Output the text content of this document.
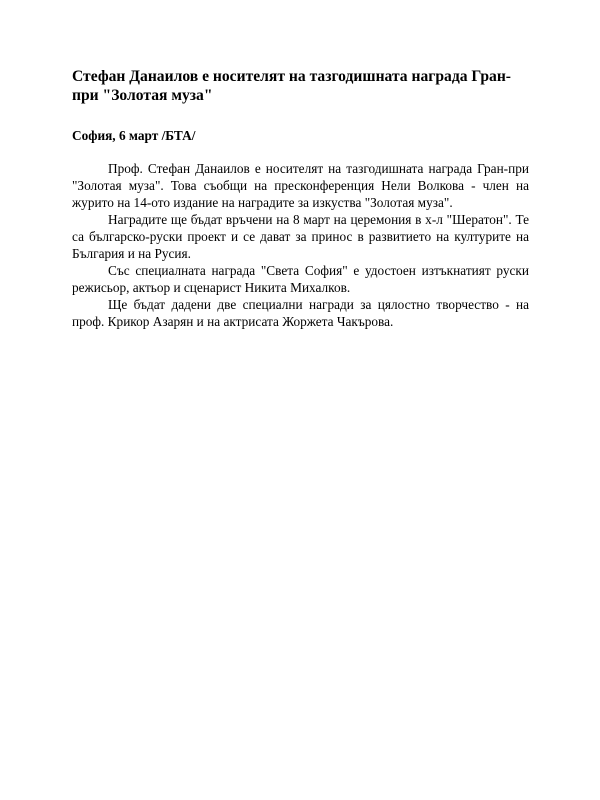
Стефан Данаилов е носителят на тазгодишната награда Гран-при "Золотая муза"

София, 6 март /БТА/

Проф. Стефан Данаилов е носителят на тазгодишната награда Гран-при "Золотая муза". Това съобщи на пресконференция Нели Волкова - член на журито на 14-ото издание на наградите за изкуства "Золотая муза".

Наградите ще бъдат връчени на 8 март на церемония в х-л "Шератон". Те са българско-руски проект и се дават за принос в развитието на културите на България и на Русия.

Със специалната награда "Света София" е удостоен изтъкнатият руски режисьор, актьор и сценарист Никита Михалков.

Ще бъдат дадени две специални награди за цялостно творчество - на проф. Крикор Азарян и на актрисата Жоржета Чакърова.
